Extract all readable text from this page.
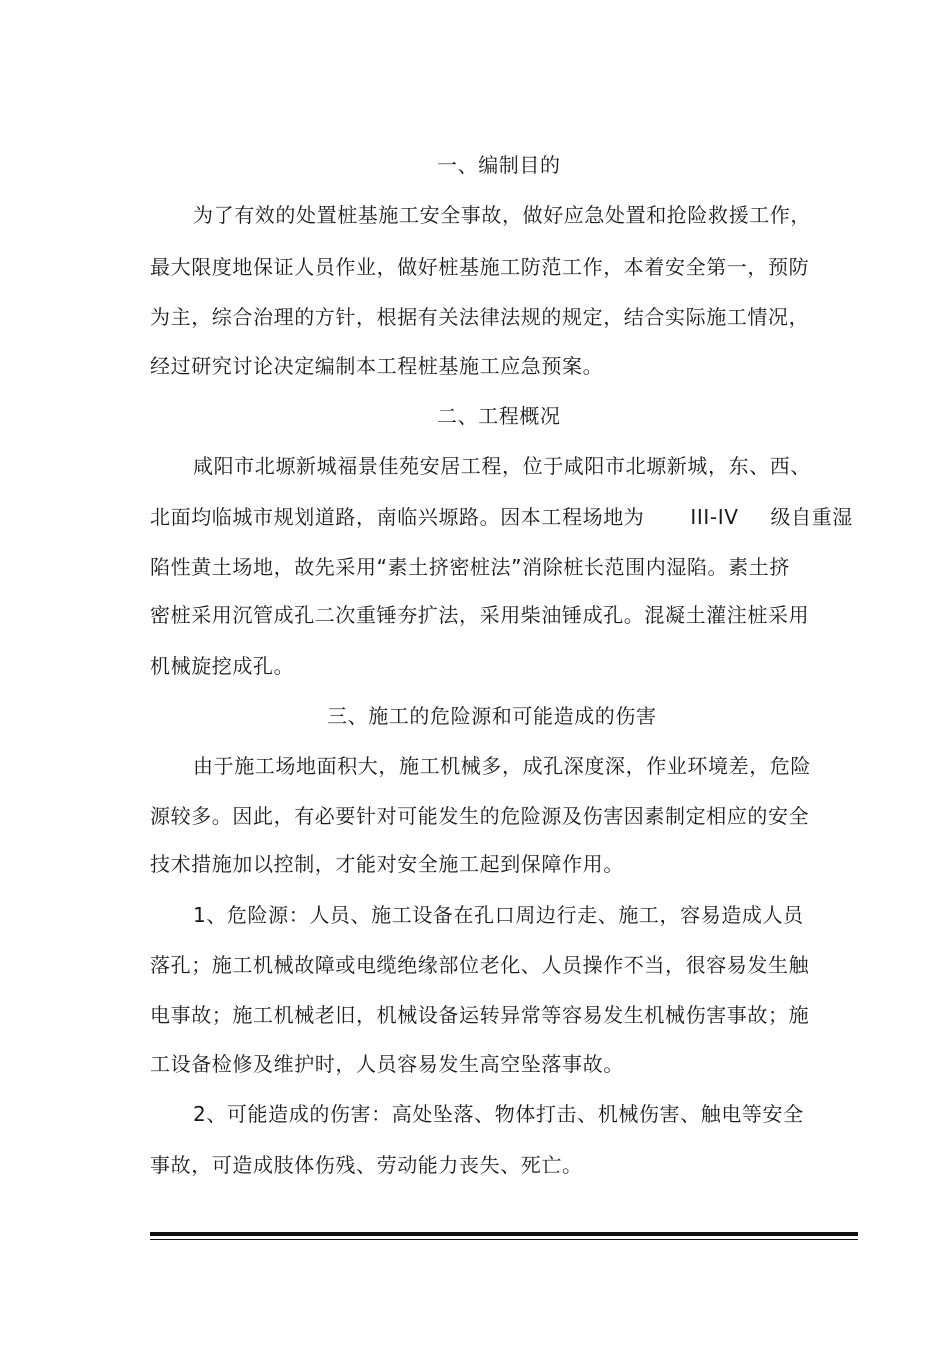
一、编制目的
为了有效的处置桩基施工安全事故，做好应急处置和抢险救援工作，
最大限度地保证人员作业，做好桩基施工防范工作，本着安全第一，预防
为主，综合治理的方针，根据有关法律法规的规定，结合实际施工情况，
经过研究讨论决定编制本工程桩基施工应急预案。
二、工程概况
咸阳市北塬新城福景佳苑安居工程，位于咸阳市北塬新城，东、西、
北面均临城市规划道路，南临兴塬路。因本工程场地为 III-IV 级自重湿
陷性黄土场地，故先采用“素土挤密桩法”消除桩长范围内湿陷。素土挤
密桩采用沉管成孔二次重锤夯扩法，采用柴油锤成孔。混凝土灌注桩采用
机械旋挖成孔。
三、施工的危险源和可能造成的伤害
由于施工场地面积大，施工机械多，成孔深度深，作业环境差，危险
源较多。因此，有必要针对可能发生的危险源及伤害因素制定相应的安全
技术措施加以控制，才能对安全施工起到保障作用。
1、危险源：人员、施工设备在孔口周边行走、施工，容易造成人员
落孔；施工机械故障或电缆绝缘部位老化、人员操作不当，很容易发生触
电事故；施工机械老旧，机械设备运转异常等容易发生机械伤害事故；施
工设备检修及维护时，人员容易发生高空坠落事故。
2、可能造成的伤害：高处坠落、物体打击、机械伤害、触电等安全
事故，可造成肢体伤残、劳动能力丧失、死亡。
